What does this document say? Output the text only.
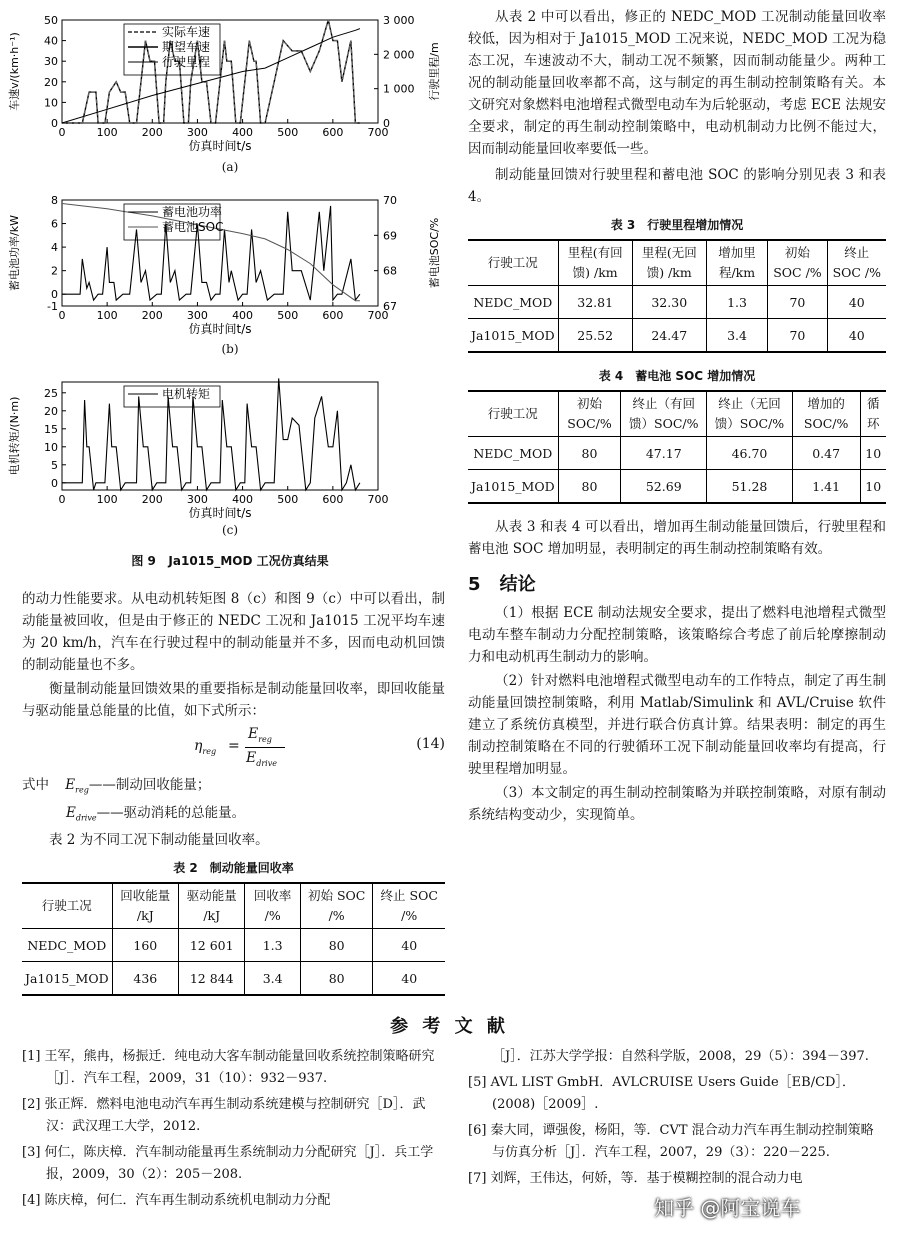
0	100 200 300 400 500 600 700
0
10
20
30
40
50
仿真时间t/s
车速v/(km·h⁻¹)
0
1 000
2 000
3 000
行驶里程/m
实际车速
期望车速
行驶里程
(a)
0	100 200 300 400 500 600 700
-1
0
2
4
6
8
仿真时间t/s
蓄电池功率/kW
67
68
69
70
蓄电池SOC/%
蓄电池功率
蓄电池SOC
(b)
0	100 200 300 400 500 600 700
0
5
10
15
20
25
仿真时间t/s
电机转矩/(N·m)
电机转矩
(c)
图 9 Ja1015_MOD 工况仿真结果

的动力性能要求。从电动机转矩图 8（c）和图 9（c）中可以看出，制动能量被回收，但是由于修正的 NEDC 工况和 Ja1015 工况平均车速为 20 km/h，汽车在行驶过程中的制动能量并不多，因而电动机回馈的制动能量也不多。

衡量制动能量回馈效果的重要指标是制动能量回收率，即回收能量与驱动能量总能量的比值，如下式所示：

$\eta_{reg}$ =
$E_{reg}$
$E_{drive}$
(14)
式中 $E_{reg}——$制动回收能量；
$E_{drive}——$驱动消耗的总能量。

表 2 为不同工况下制动能量回收率。

表 2　制动能量回收率
行驶工况	回收能量 /kJ	驱动能量 /kJ	回收率 /%	初始 SOC /%	终止 SOC /%
NEDC_MOD	160	12 601	1.3	80	40
Ja1015_MOD	436	12 844	3.4	80	40

从表 2 中可以看出，修正的 NEDC_MOD 工况制动能量回收率较低，因为相对于 Ja1015_MOD 工况来说，NEDC_MOD 工况为稳态工况，车速波动不大，制动工况不频繁，因而制动能量少。两种工况的制动能量回收率都不高，这与制定的再生制动控制策略有关。本文研究对象燃料电池增程式微型电动车为后轮驱动，考虑 ECE 法规安全要求，制定的再生制动控制策略中，电动机制动力比例不能过大，因而制动能量回收率要低一些。

制动能量回馈对行驶里程和蓄电池 SOC 的影响分别见表 3 和表 4。

表 3　行驶里程增加情况
行驶工况	里程(有回馈) /km	里程(无回馈) /km	增加里程/km	初始 SOC /%	终止 SOC /%
NEDC_MOD	32.81	32.30	1.3	70	40
Ja1015_MOD	25.52	24.47	3.4	70	40
表 4　蓄电池 SOC 增加情况
行驶工况	初始 SOC/%	终止（有回馈）SOC/%	终止（无回馈）SOC/%	增加的 SOC/%	循环
NEDC_MOD	80	47.17	46.70	0.47	10
Ja1015_MOD	80	52.69	51.28	1.41	10

从表 3 和表 4 可以看出，增加再生制动能量回馈后，行驶里程和蓄电池 SOC 增加明显，表明制定的再生制动控制策略有效。

5 结论

（1）根据 ECE 制动法规安全要求，提出了燃料电池增程式微型电动车整车制动力分配控制策略，该策略综合考虑了前后轮摩擦制动力和电动机再生制动力的影响。

（2）针对燃料电池增程式微型电动车的工作特点，制定了再生制动能量回馈控制策略，利用 Matlab/Simulink 和 AVL/Cruise 软件建立了系统仿真模型，并进行联合仿真计算。结果表明：制定的再生制动控制策略在不同的行驶循环工况下制动能量回收率均有提高，行驶里程增加明显。

（3）本文制定的再生制动控制策略为并联控制策略，对原有制动系统结构变动少，实现简单。

参 考 文 献

[1] 王军，熊冉，杨振迁．纯电动大客车制动能量回收系统控制策略研究［J］．汽车工程，2009，31（10）：932－937.

[2] 张正辉．燃料电池电动汽车再生制动系统建模与控制研究［D］．武汉：武汉理工大学，2012.

[3] 何仁，陈庆樟．汽车制动能量再生系统制动力分配研究［J］．兵工学报，2009，30（2）：205－208.

[4] 陈庆樟，何仁．汽车再生制动系统机电制动力分配

［J］．江苏大学学报：自然科学版，2008，29（5）：394－397.

[5] AVL LIST GmbH．AVLCRUISE Users Guide［EB/CD］．(2008)［2009］.

[6] 秦大同，谭强俊，杨阳，等．CVT 混合动力汽车再生制动控制策略与仿真分析［J］．汽车工程，2007，29（3）：220－225.

[7] 刘辉，王伟达，何娇，等．基于模糊控制的混合动力电

知乎 @阿宝说车
